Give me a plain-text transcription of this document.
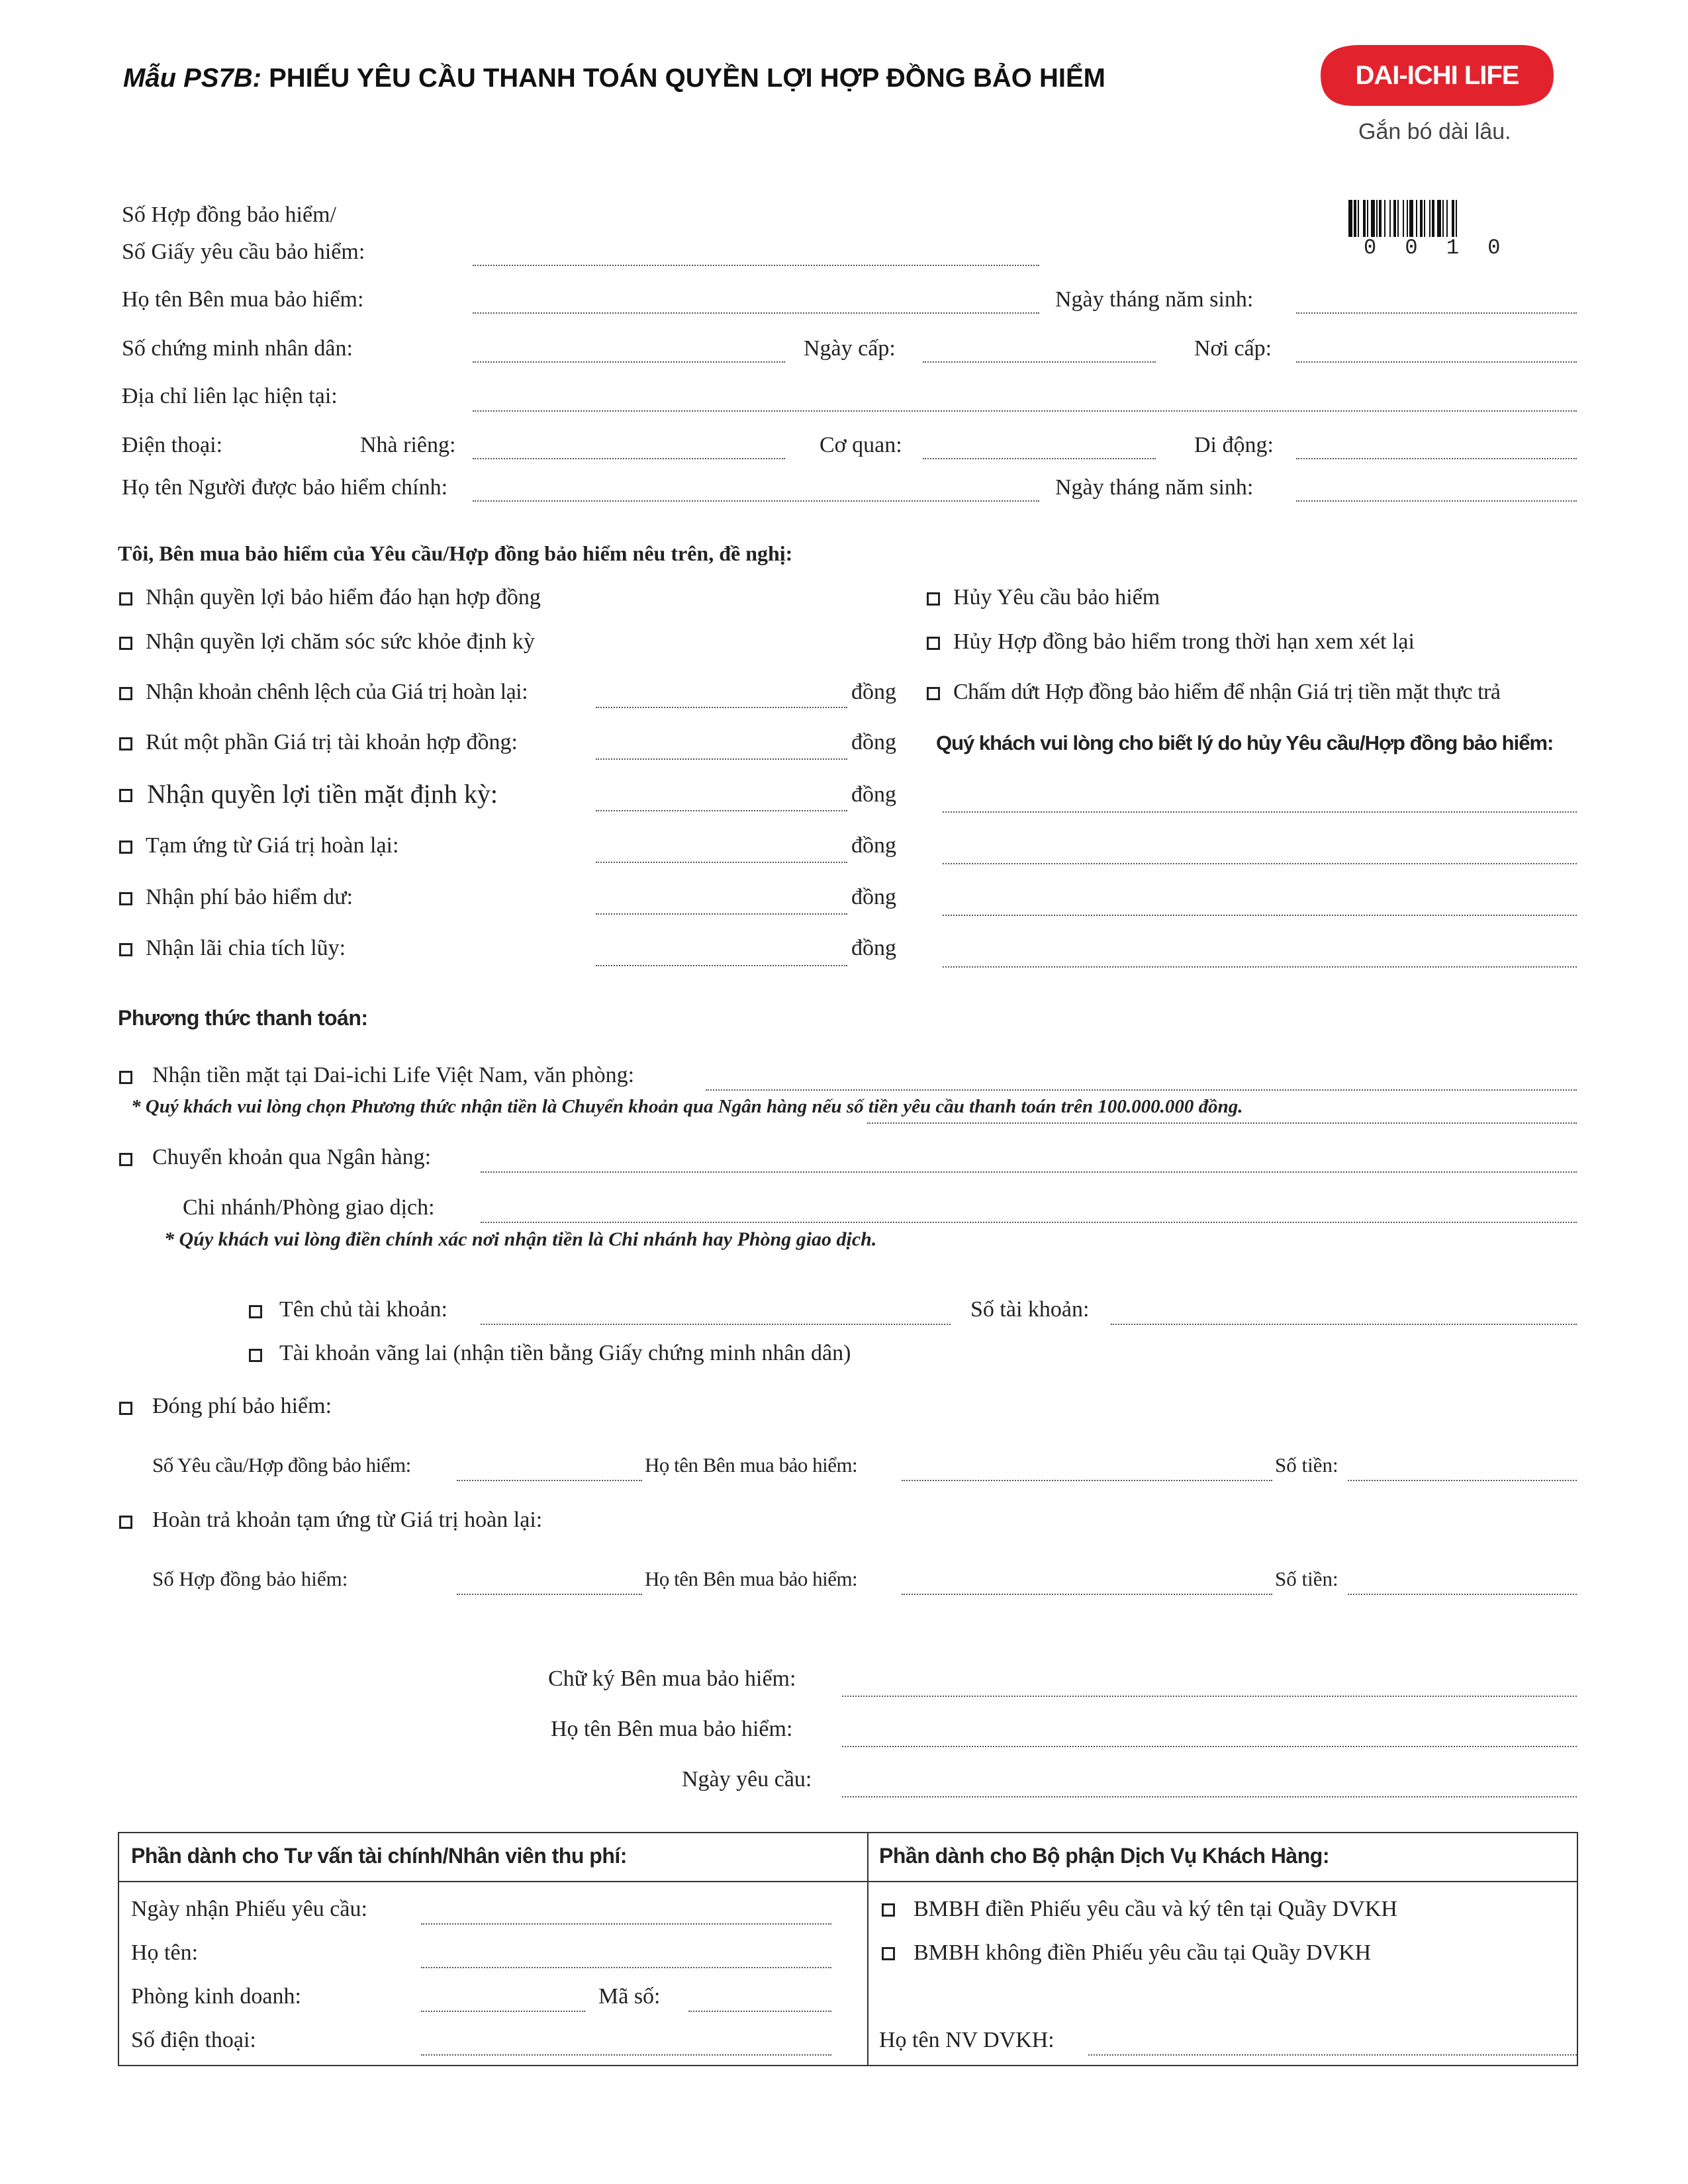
Mẫu PS7B: PHIẾU YÊU CẦU THANH TOÁN QUYỀN LỢI HỢP ĐỒNG BẢO HIỂM	DAI-ICHI LIFE
Gắn bó dài lâu.
0 0 1 0
Số Hợp đồng bảo hiểm/
Số Giấy yêu cầu bảo hiểm:
Họ tên Bên mua bảo hiểm:	Ngày tháng năm sinh:
Số chứng minh nhân dân:	Ngày cấp:	Nơi cấp:
Địa chỉ liên lạc hiện tại:
Điện thoại:	Nhà riêng:	Cơ quan:	Di động:
Họ tên Người được bảo hiểm chính:	Ngày tháng năm sinh:
Tôi, Bên mua bảo hiểm của Yêu cầu/Hợp đồng bảo hiểm nêu trên, đề nghị:
Nhận quyền lợi bảo hiểm đáo hạn hợp đồng	Hủy Yêu cầu bảo hiểm
Nhận quyền lợi chăm sóc sức khỏe định kỳ	Hủy Hợp đồng bảo hiểm trong thời hạn xem xét lại
Nhận khoản chênh lệch của Giá trị hoàn lại:	đồng	Chấm dứt Hợp đồng bảo hiểm để nhận Giá trị tiền mặt thực trả
Rút một phần Giá trị tài khoản hợp đồng:	đồng Quý khách vui lòng cho biết lý do hủy Yêu cầu/Hợp đồng bảo hiểm:
Nhận quyền lợi tiền mặt định kỳ:	đồng
Tạm ứng từ Giá trị hoàn lại:	đồng
Nhận phí bảo hiểm dư:	đồng
Nhận lãi chia tích lũy:	đồng
Phương thức thanh toán:
Nhận tiền mặt tại Dai-ichi Life Việt Nam, văn phòng:
* Quý khách vui lòng chọn Phương thức nhận tiền là Chuyển khoản qua Ngân hàng nếu số tiền yêu cầu thanh toán trên 100.000.000 đồng.
Chuyển khoản qua Ngân hàng:
Chi nhánh/Phòng giao dịch:
* Qúy khách vui lòng điền chính xác nơi nhận tiền là Chi nhánh hay Phòng giao dịch.
Tên chủ tài khoản:	Số tài khoản:
Tài khoản vãng lai (nhận tiền bằng Giấy chứng minh nhân dân)
Đóng phí bảo hiểm:
Số Yêu cầu/Hợp đồng bảo hiểm:	Họ tên Bên mua bảo hiểm:	Số tiền:
Hoàn trả khoản tạm ứng từ Giá trị hoàn lại:
Số Hợp đồng bảo hiểm:	Họ tên Bên mua bảo hiểm:	Số tiền:
Chữ ký Bên mua bảo hiểm:
Họ tên Bên mua bảo hiểm:
Ngày yêu cầu:
Phần dành cho Tư vấn tài chính/Nhân viên thu phí:	Phần dành cho Bộ phận Dịch Vụ Khách Hàng:
Ngày nhận Phiếu yêu cầu:
Họ tên:
Phòng kinh doanh:	Mã số:
Số điện thoại:
BMBH điền Phiếu yêu cầu và ký tên tại Quầy DVKH
BMBH không điền Phiếu yêu cầu tại Quầy DVKH
Họ tên NV DVKH:
